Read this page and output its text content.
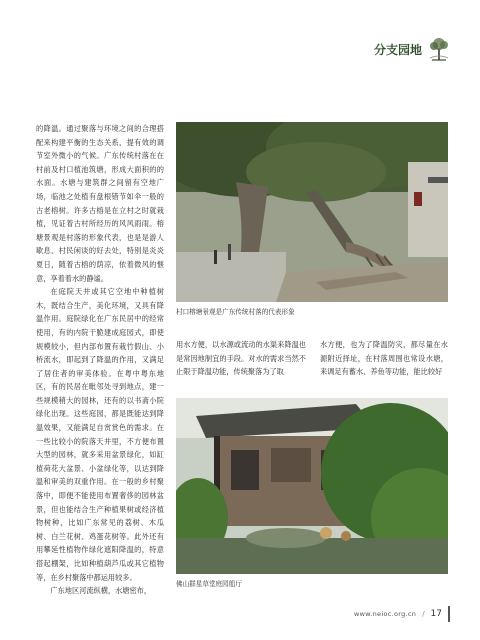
分支园地

的降温。通过聚落与环境之间的合理搭配来构建平衡的生态关系，提有效的调节室外微小的气候。广东传统村落在在村前及村口植池筑塘，形成大面积的的水面。水塘与建筑群之间留有空地广场，临池之处植有盘根错节如伞一般的古老榕树。许多古榕是在立村之时就栽植，见证着古村所经历的风风雨雨。榕塘景观是村落的形象代表，也是是游人歇息、村民闲谈的好去处，特别是炎炎夏日，随着古榕的荫凉，依着微风的惬意，享着着水的静谧。

在庭院天井或其它空地中种植树木，既结合生产，美化环境，又具有降温作用。庭院绿化在广东民居中的经常使用，有的内院干脆建成庭园式，即使规模较小，但内部布置有栽竹假山、小桥流水，即起到了降温的作用，又满足了居住者的审美体验。在粤中粤东地区，有的民居在毗邻处寻到地点，建一些规模稍大的园林，还有的以书斋小院绿化出现。这些庭园，都是既能达到降温效果，又能满足自赏赏色的需求。在一些比较小的院落天井里，不方便布置大型的园林，就多采用盆景绿化，如缸植荷花大盆景、小盆绿化等，以达到降温和审美的双重作用。在一般的乡村聚落中，即便不能使用布置奢侈的园林盆景，但也能结合生产种植果树或经济植物树种，比如广东常见的荔树、木瓜树、白兰花树、鸡蛋花树等。此外还有用攀延性植物作绿化遮阳降温的，特意搭起棚架，比如种植葫芦瓜或其它植物等，在乡村聚落中都运用较多。

广东地区河流纵横，水塘密布，

村口榕塘景观是广东传统村落的代表形象

用水方便，以水源或流动的水渠来降温也是常因地制宜的手段。对水的需求当然不止限于降温功能，传统聚落为了取

水方便，也为了降温防灾，都尽量在水源附近择址，在村落周围也常设水塘，来调足有蓄水、养鱼等功能，能比较好

佛山群星草堂庭园船厅
www.neioc.org.cn / 17
